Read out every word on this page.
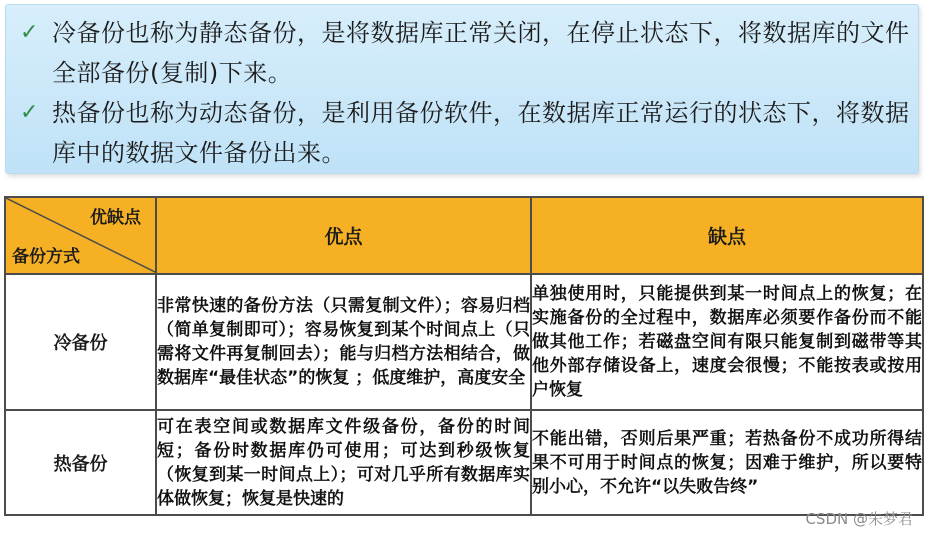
✓ 冷备份也称为静态备份，是将数据库正常关闭，在停止状态下，将数据库的文件全部备份(复制)下来。
✓ 热备份也称为动态备份，是利用备份软件，在数据库正常运行的状态下，将数据库中的数据文件备份出来。
优缺点
备份方式	优点	缺点
冷备份	非常快速的备份方法（只需复制文件）；容易归档（简单复制即可）；容易恢复到某个时间点上（只需将文件再复制回去）；能与归档方法相结合，做数据库“最佳状态”的恢复 ；低度维护，高度安全	单独使用时，只能提供到某一时间点上的恢复；在实施备份的全过程中，数据库必须要作备份而不能做其他工作；若磁盘空间有限只能复制到磁带等其他外部存储设备上，速度会很慢；不能按表或按用户恢复
热备份	可在表空间或数据库文件级备份，备份的时间短；备份时数据库仍可使用；可达到秒级恢复（恢复到某一时间点上）；可对几乎所有数据库实体做恢复；恢复是快速的	不能出错，否则后果严重；若热备份不成功所得结果不可用于时间点的恢复；因难于维护，所以要特别小心，不允许“以失败告终”
CSDN @朱梦君
